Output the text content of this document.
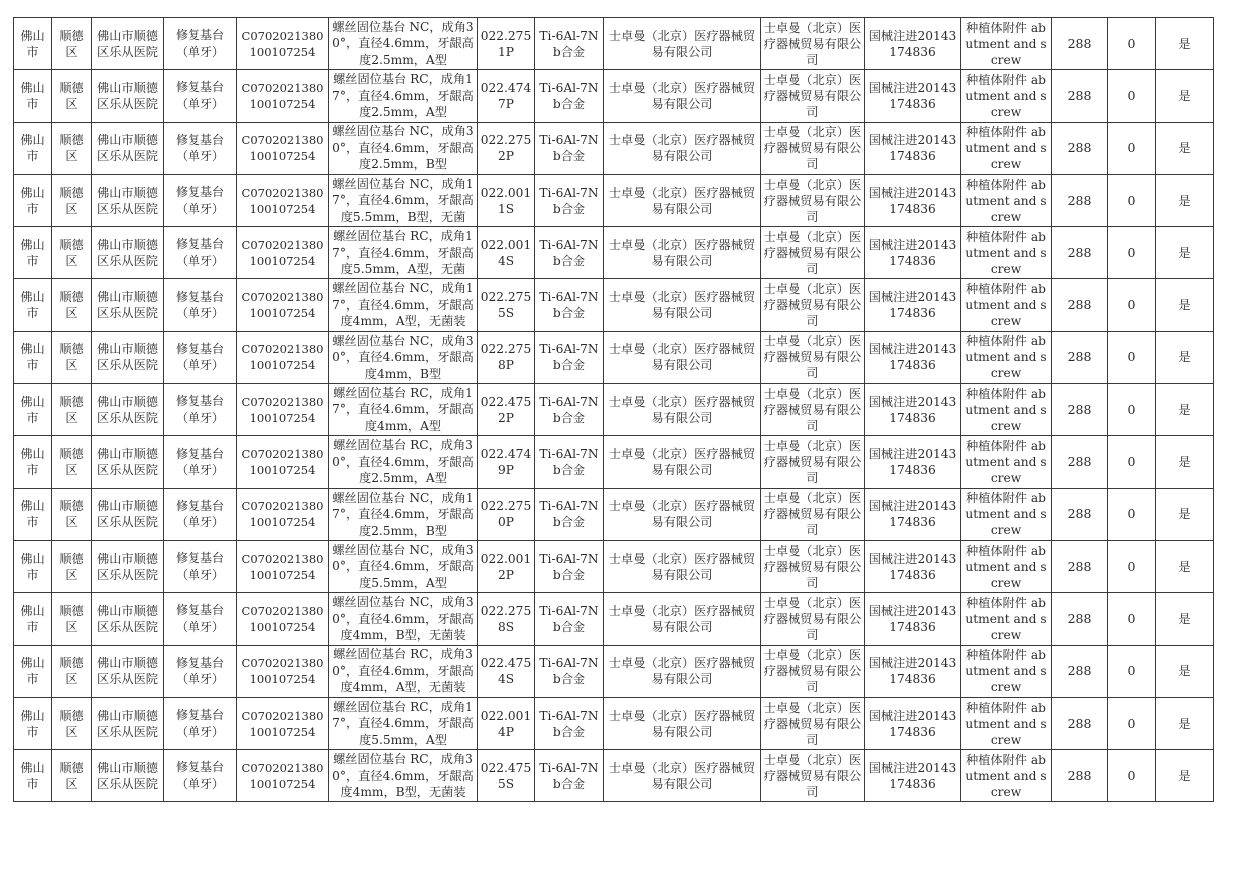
佛山市	顺德区	佛山市顺德区乐从医院	修复基台（单牙）	C0702021380100107254	螺丝固位基台 NC，成角30°，直径4.6mm，牙龈高度2.5mm，A型	022.2751P	Ti-6Al-7Nb合金	士卓曼（北京）医疗器械贸易有限公司	士卓曼（北京）医疗器械贸易有限公司	国械注进20143174836	种植体附件 abutment and screw	288	0	是
佛山市	顺德区	佛山市顺德区乐从医院	修复基台（单牙）	C0702021380100107254	螺丝固位基台 RC，成角17°，直径4.6mm，牙龈高度2.5mm，A型	022.4747P	Ti-6Al-7Nb合金	士卓曼（北京）医疗器械贸易有限公司	士卓曼（北京）医疗器械贸易有限公司	国械注进20143174836	种植体附件 abutment and screw	288	0	是
佛山市	顺德区	佛山市顺德区乐从医院	修复基台（单牙）	C0702021380100107254	螺丝固位基台 NC，成角30°，直径4.6mm，牙龈高度2.5mm，B型	022.2752P	Ti-6Al-7Nb合金	士卓曼（北京）医疗器械贸易有限公司	士卓曼（北京）医疗器械贸易有限公司	国械注进20143174836	种植体附件 abutment and screw	288	0	是
佛山市	顺德区	佛山市顺德区乐从医院	修复基台（单牙）	C0702021380100107254	螺丝固位基台 NC，成角17°，直径4.6mm，牙龈高度5.5mm，B型，无菌	022.0011S	Ti-6Al-7Nb合金	士卓曼（北京）医疗器械贸易有限公司	士卓曼（北京）医疗器械贸易有限公司	国械注进20143174836	种植体附件 abutment and screw	288	0	是
佛山市	顺德区	佛山市顺德区乐从医院	修复基台（单牙）	C0702021380100107254	螺丝固位基台 RC，成角17°，直径4.6mm，牙龈高度5.5mm，A型，无菌	022.0014S	Ti-6Al-7Nb合金	士卓曼（北京）医疗器械贸易有限公司	士卓曼（北京）医疗器械贸易有限公司	国械注进20143174836	种植体附件 abutment and screw	288	0	是
佛山市	顺德区	佛山市顺德区乐从医院	修复基台（单牙）	C0702021380100107254	螺丝固位基台 NC，成角17°，直径4.6mm，牙龈高度4mm，A型，无菌装	022.2755S	Ti-6Al-7Nb合金	士卓曼（北京）医疗器械贸易有限公司	士卓曼（北京）医疗器械贸易有限公司	国械注进20143174836	种植体附件 abutment and screw	288	0	是
佛山市	顺德区	佛山市顺德区乐从医院	修复基台（单牙）	C0702021380100107254	螺丝固位基台 NC，成角30°，直径4.6mm，牙龈高度4mm，B型	022.2758P	Ti-6Al-7Nb合金	士卓曼（北京）医疗器械贸易有限公司	士卓曼（北京）医疗器械贸易有限公司	国械注进20143174836	种植体附件 abutment and screw	288	0	是
佛山市	顺德区	佛山市顺德区乐从医院	修复基台（单牙）	C0702021380100107254	螺丝固位基台 RC，成角17°，直径4.6mm，牙龈高度4mm，A型	022.4752P	Ti-6Al-7Nb合金	士卓曼（北京）医疗器械贸易有限公司	士卓曼（北京）医疗器械贸易有限公司	国械注进20143174836	种植体附件 abutment and screw	288	0	是
佛山市	顺德区	佛山市顺德区乐从医院	修复基台（单牙）	C0702021380100107254	螺丝固位基台 RC，成角30°，直径4.6mm，牙龈高度2.5mm，A型	022.4749P	Ti-6Al-7Nb合金	士卓曼（北京）医疗器械贸易有限公司	士卓曼（北京）医疗器械贸易有限公司	国械注进20143174836	种植体附件 abutment and screw	288	0	是
佛山市	顺德区	佛山市顺德区乐从医院	修复基台（单牙）	C0702021380100107254	螺丝固位基台 NC，成角17°，直径4.6mm，牙龈高度2.5mm，B型	022.2750P	Ti-6Al-7Nb合金	士卓曼（北京）医疗器械贸易有限公司	士卓曼（北京）医疗器械贸易有限公司	国械注进20143174836	种植体附件 abutment and screw	288	0	是
佛山市	顺德区	佛山市顺德区乐从医院	修复基台（单牙）	C0702021380100107254	螺丝固位基台 NC，成角30°，直径4.6mm，牙龈高度5.5mm，A型	022.0012P	Ti-6Al-7Nb合金	士卓曼（北京）医疗器械贸易有限公司	士卓曼（北京）医疗器械贸易有限公司	国械注进20143174836	种植体附件 abutment and screw	288	0	是
佛山市	顺德区	佛山市顺德区乐从医院	修复基台（单牙）	C0702021380100107254	螺丝固位基台 NC，成角30°，直径4.6mm，牙龈高度4mm，B型，无菌装	022.2758S	Ti-6Al-7Nb合金	士卓曼（北京）医疗器械贸易有限公司	士卓曼（北京）医疗器械贸易有限公司	国械注进20143174836	种植体附件 abutment and screw	288	0	是
佛山市	顺德区	佛山市顺德区乐从医院	修复基台（单牙）	C0702021380100107254	螺丝固位基台 RC，成角30°，直径4.6mm，牙龈高度4mm，A型，无菌装	022.4754S	Ti-6Al-7Nb合金	士卓曼（北京）医疗器械贸易有限公司	士卓曼（北京）医疗器械贸易有限公司	国械注进20143174836	种植体附件 abutment and screw	288	0	是
佛山市	顺德区	佛山市顺德区乐从医院	修复基台（单牙）	C0702021380100107254	螺丝固位基台 RC，成角17°，直径4.6mm，牙龈高度5.5mm，A型	022.0014P	Ti-6Al-7Nb合金	士卓曼（北京）医疗器械贸易有限公司	士卓曼（北京）医疗器械贸易有限公司	国械注进20143174836	种植体附件 abutment and screw	288	0	是
佛山市	顺德区	佛山市顺德区乐从医院	修复基台（单牙）	C0702021380100107254	螺丝固位基台 RC，成角30°，直径4.6mm，牙龈高度4mm，B型，无菌装	022.4755S	Ti-6Al-7Nb合金	士卓曼（北京）医疗器械贸易有限公司	士卓曼（北京）医疗器械贸易有限公司	国械注进20143174836	种植体附件 abutment and screw	288	0	是
